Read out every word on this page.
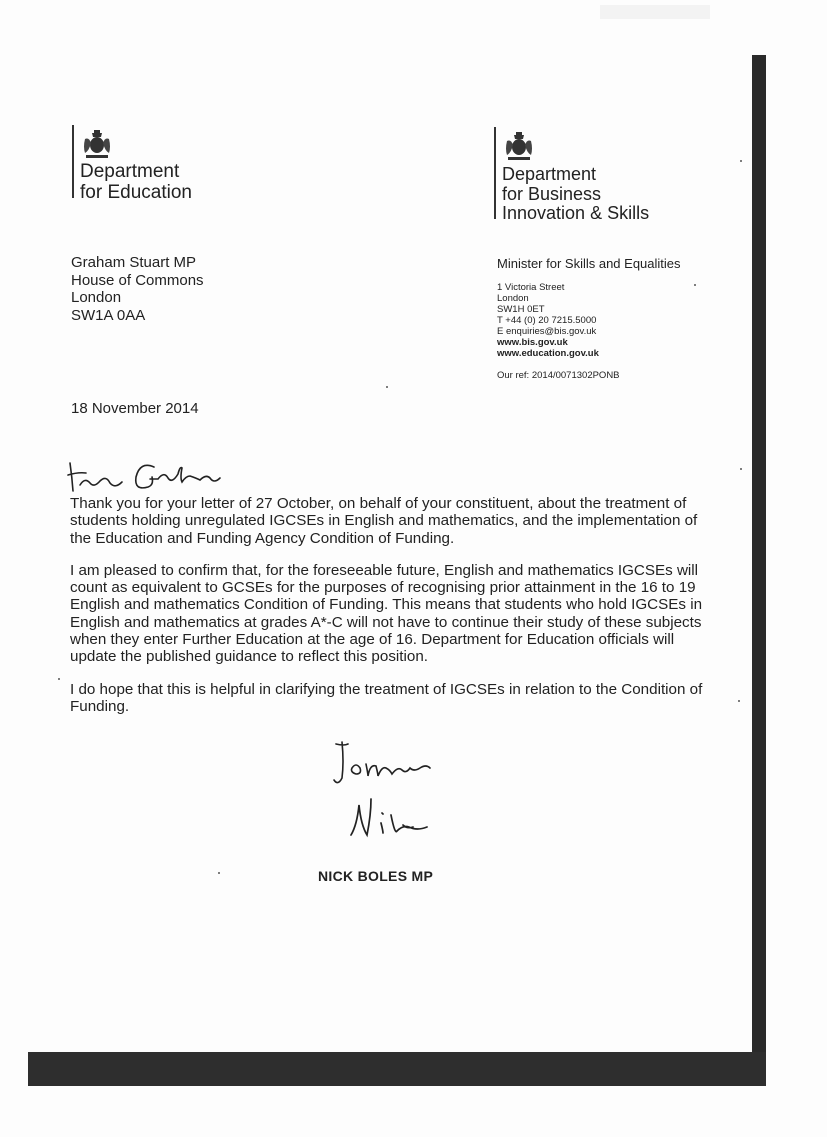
Department
for Education
Department
for Business
Innovation & Skills
Graham Stuart MP
House of Commons
London
SW1A 0AA
Minister for Skills and Equalities
1 Victoria Street
London
SW1H 0ET
T +44 (0) 20 7215.5000
E enquiries@bis.gov.uk
www.bis.gov.uk
www.education.gov.uk
Our ref: 2014/0071302PONB
18 November 2014

Thank you for your letter of 27 October, on behalf of your constituent, about the treatment of students holding unregulated IGCSEs in English and mathematics, and the implementation of the Education and Funding Agency Condition of Funding.

I am pleased to confirm that, for the foreseeable future, English and mathematics IGCSEs will count as equivalent to GCSEs for the purposes of recognising prior attainment in the 16 to 19 English and mathematics Condition of Funding. This means that students who hold IGCSEs in English and mathematics at grades A*-C will not have to continue their study of these subjects when they enter Further Education at the age of 16. Department for Education officials will update the published guidance to reflect this position.

I do hope that this is helpful in clarifying the treatment of IGCSEs in relation to the Condition of Funding.

NICK BOLES MP
